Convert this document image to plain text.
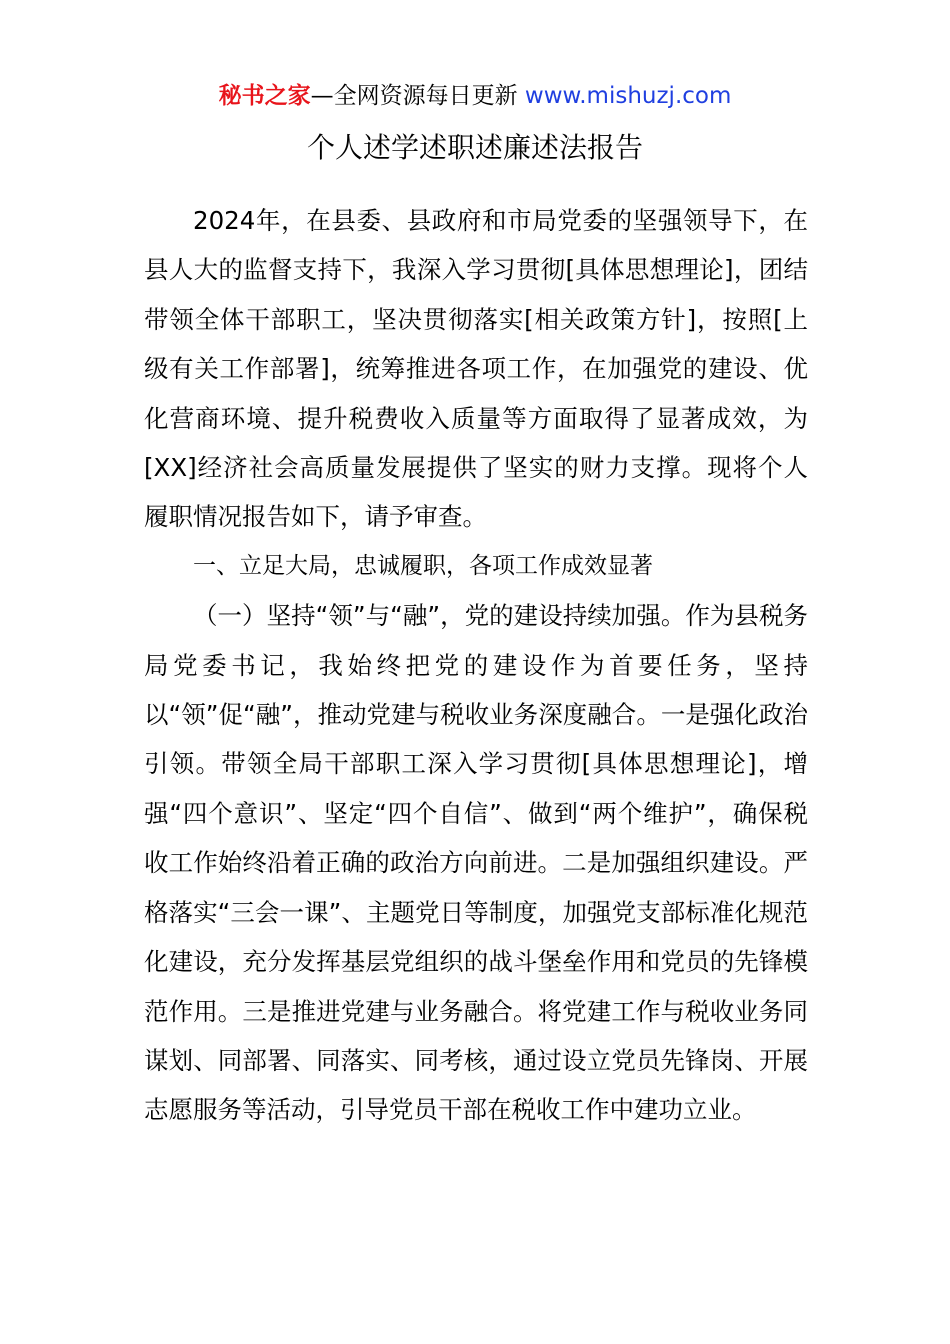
秘书之家—全网资源每日更新 www.mishuzj.com
个人述学述职述廉述法报告

2024年，在县委、县政府和市局党委的坚强领导下，在县人大的监督支持下，我深入学习贯彻[具体思想理论]，团结带领全体干部职工，坚决贯彻落实[相关政策方针]，按照[上级有关工作部署]，统筹推进各项工作，在加强党的建设、优化营商环境、提升税费收入质量等方面取得了显著成效，为[XX]经济社会高质量发展提供了坚实的财力支撑。现将个人履职情况报告如下，请予审查。

一、立足大局，忠诚履职，各项工作成效显著

（一）坚持“领”与“融”，党的建设持续加强。作为县税务局党委书记，我始终把党的建设作为首要任务，坚持以“领”促“融”，推动党建与税收业务深度融合。一是强化政治引领。带领全局干部职工深入学习贯彻[具体思想理论]，增强“四个意识”、坚定“四个自信”、做到“两个维护”，确保税收工作始终沿着正确的政治方向前进。二是加强组织建设。严格落实“三会一课”、主题党日等制度，加强党支部标准化规范化建设，充分发挥基层党组织的战斗堡垒作用和党员的先锋模范作用。三是推进党建与业务融合。将党建工作与税收业务同谋划、同部署、同落实、同考核，通过设立党员先锋岗、开展志愿服务等活动，引导党员干部在税收工作中建功立业。
